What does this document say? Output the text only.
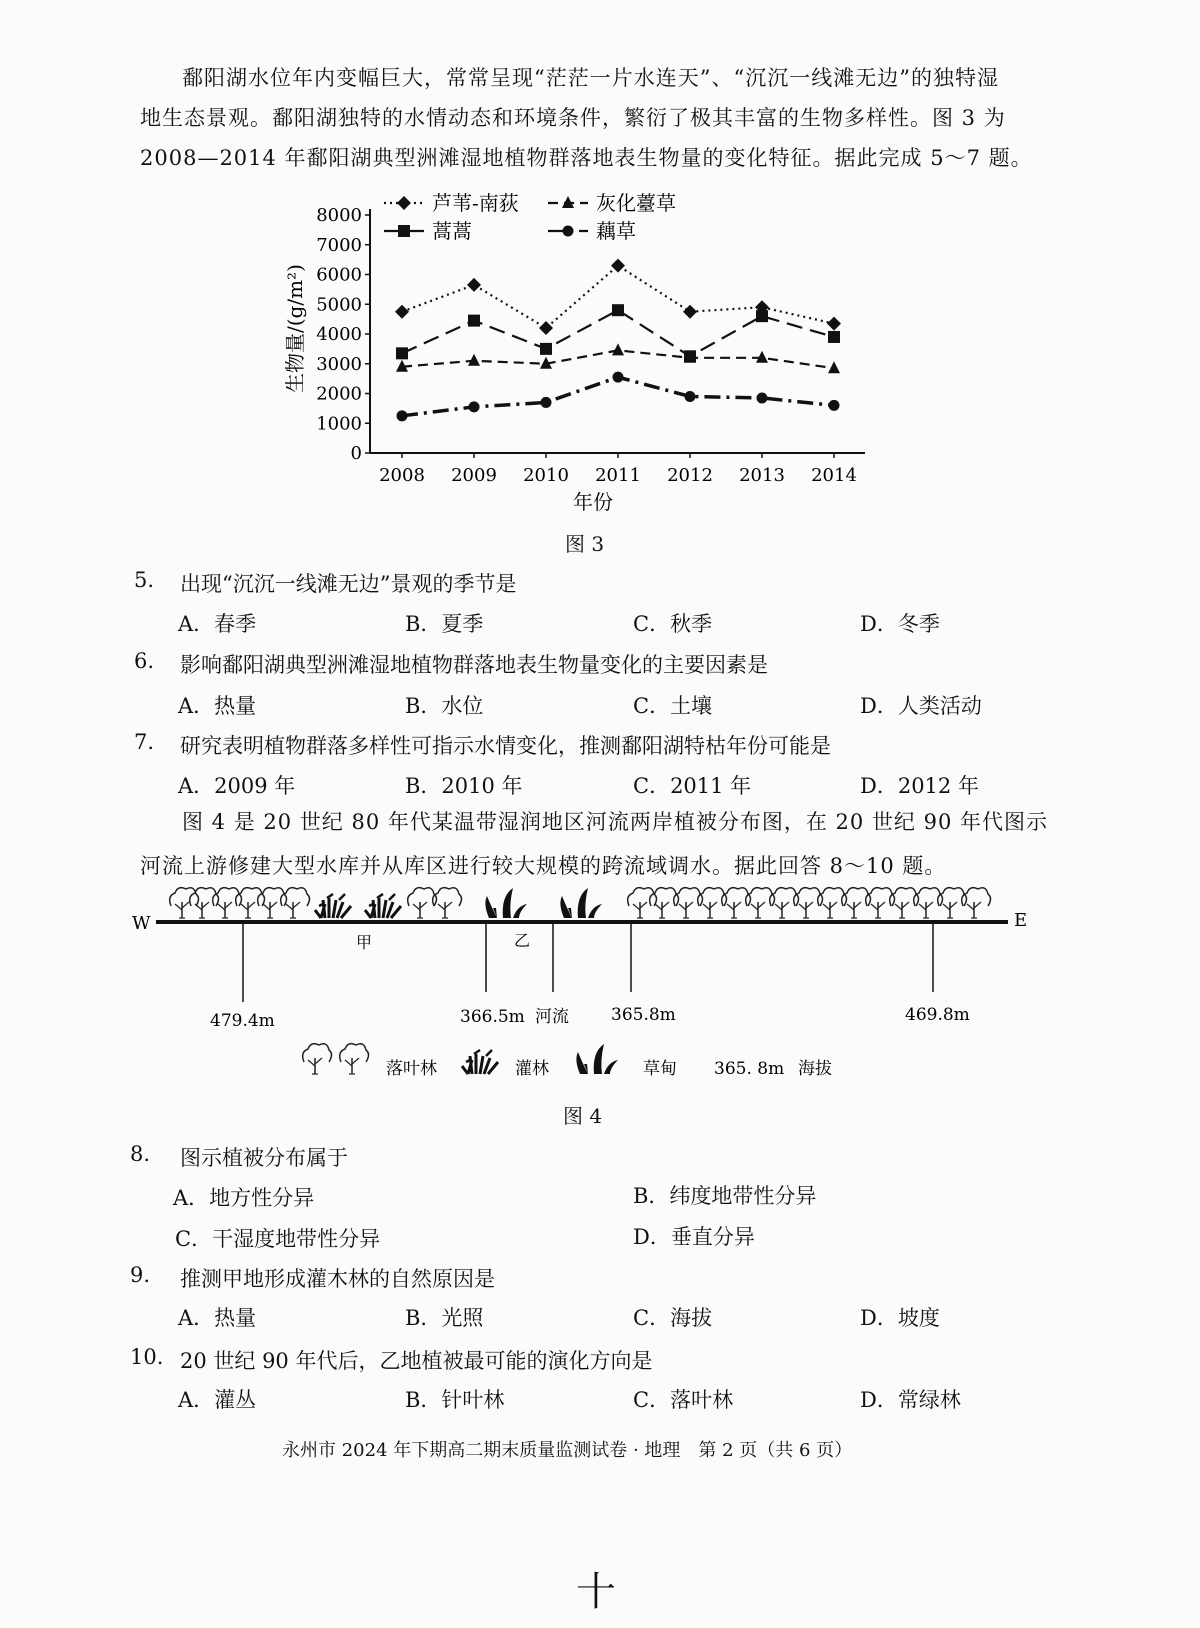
鄱阳湖水位年内变幅巨大，常常呈现“茫茫一片水连天”、“沉沉一线滩无边”的独特湿
地生态景观。鄱阳湖独特的水情动态和环境条件，繁衍了极其丰富的生物多样性。图 3 为
2008—2014 年鄱阳湖典型洲滩湿地植物群落地表生物量的变化特征。据此完成 5～7 题。
0
1000
2000
3000
4000
5000
6000
7000
8000
2008 2009 2010 2011 2012 2013 2014
年份
生物量/(g/m²)
芦苇-南荻	灰化薹草
蒿蒿	藕草
图 3
5. 出现“沉沉一线滩无边”景观的季节是
A．春季	B．夏季	C．秋季	D．冬季
6. 影响鄱阳湖典型洲滩湿地植物群落地表生物量变化的主要因素是
A．热量	B．水位	C．土壤	D．人类活动
7. 研究表明植物群落多样性可指示水情变化，推测鄱阳湖特枯年份可能是
A．2009 年	B．2010 年	C．2011 年	D．2012 年
图 4 是 20 世纪 80 年代某温带湿润地区河流两岸植被分布图，在 20 世纪 90 年代图示
河流上游修建大型水库并从库区进行较大规模的跨流域调水。据此回答 8～10 题。
W	E
甲	乙
479.4m	366.5m 河流 365.8m	469.8m
落叶林	灌林	草甸 365. 8m 海拔
图 4
8. 图示植被分布属于
A．地方性分异	B．纬度地带性分异
C．干湿度地带性分异	D．垂直分异
9. 推测甲地形成灌木林的自然原因是
A．热量	B．光照	C．海拔	D．坡度
10. 20 世纪 90 年代后，乙地植被最可能的演化方向是
A．灌丛	B．针叶林	C．落叶林	D．常绿林
永州市 2024 年下期高二期末质量监测试卷 · 地理　第 2 页（共 6 页）
十
